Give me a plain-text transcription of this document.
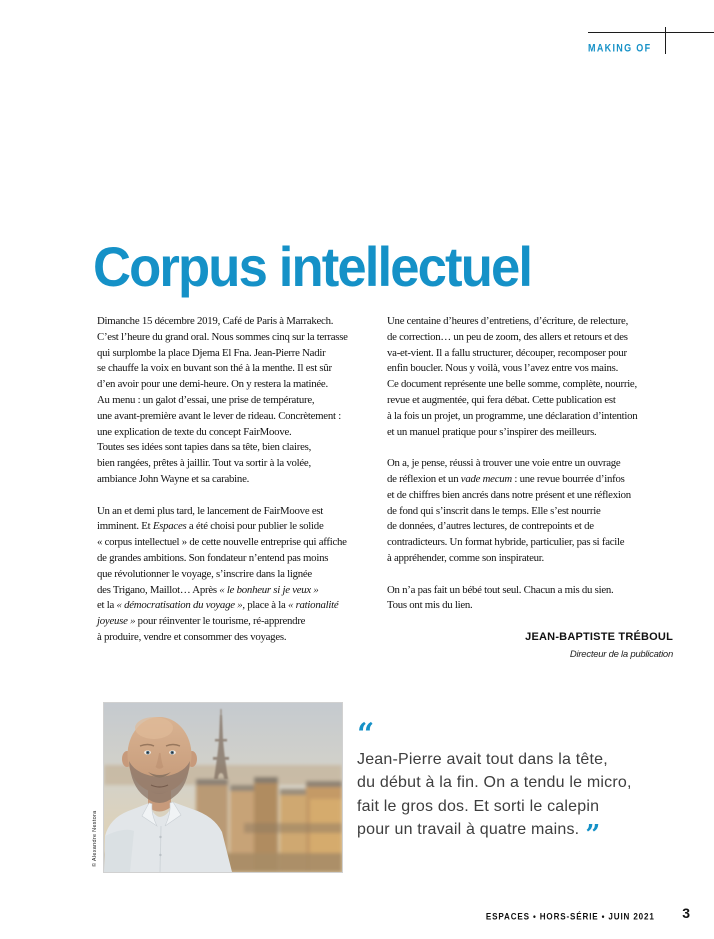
MAKING OF
Corpus intellectuel
Dimanche 15 décembre 2019, Café de Paris à Marrakech.
C’est l’heure du grand oral. Nous sommes cinq sur la terrasse
qui surplombe la place Djema El Fna. Jean-Pierre Nadir
se chauffe la voix en buvant son thé à la menthe. Il est sûr
d’en avoir pour une demi-heure. On y restera la matinée.
Au menu : un galot d’essai, une prise de température,
une avant-première avant le lever de rideau. Concrètement :
une explication de texte du concept FairMoove.
Toutes ses idées sont tapies dans sa tête, bien claires,
bien rangées, prêtes à jaillir. Tout va sortir à la volée,
ambiance John Wayne et sa carabine.
Un an et demi plus tard, le lancement de FairMoove est
imminent. Et Espaces a été choisi pour publier le solide
« corpus intellectuel » de cette nouvelle entreprise qui affiche
de grandes ambitions. Son fondateur n’entend pas moins
que révolutionner le voyage, s’inscrire dans la lignée
des Trigano, Maillot… Après « le bonheur si je veux »
et la « démocratisation du voyage », place à la « rationalité
joyeuse » pour réinventer le tourisme, ré-apprendre
à produire, vendre et consommer des voyages.
Une centaine d’heures d’entretiens, d’écriture, de relecture,
de correction… un peu de zoom, des allers et retours et des
va-et-vient. Il a fallu structurer, découper, recomposer pour
enfin boucler. Nous y voilà, vous l’avez entre vos mains.
Ce document représente une belle somme, complète, nourrie,
revue et augmentée, qui fera débat. Cette publication est
à la fois un projet, un programme, une déclaration d’intention
et un manuel pratique pour s’inspirer des meilleurs.
On a, je pense, réussi à trouver une voie entre un ouvrage
de réflexion et un vade mecum : une revue bourrée d’infos
et de chiffres bien ancrés dans notre présent et une réflexion
de fond qui s’inscrit dans le temps. Elle s’est nourrie
de données, d’autres lectures, de contrepoints et de
contradicteurs. Un format hybride, particulier, pas si facile
à appréhender, comme son inspirateur.
On n’a pas fait un bébé tout seul. Chacun a mis du sien.
Tous ont mis du lien.
JEAN-BAPTISTE TRÉBOUL
Directeur de la publication
© Alexandre Nestora
“
Jean-Pierre avait tout dans la tête,
du début à la fin. On a tendu le micro,
fait le gros dos. Et sorti le calepin
pour un travail à quatre mains. ”
ESPACES • HORS-SÉRIE • JUIN 2021 3
